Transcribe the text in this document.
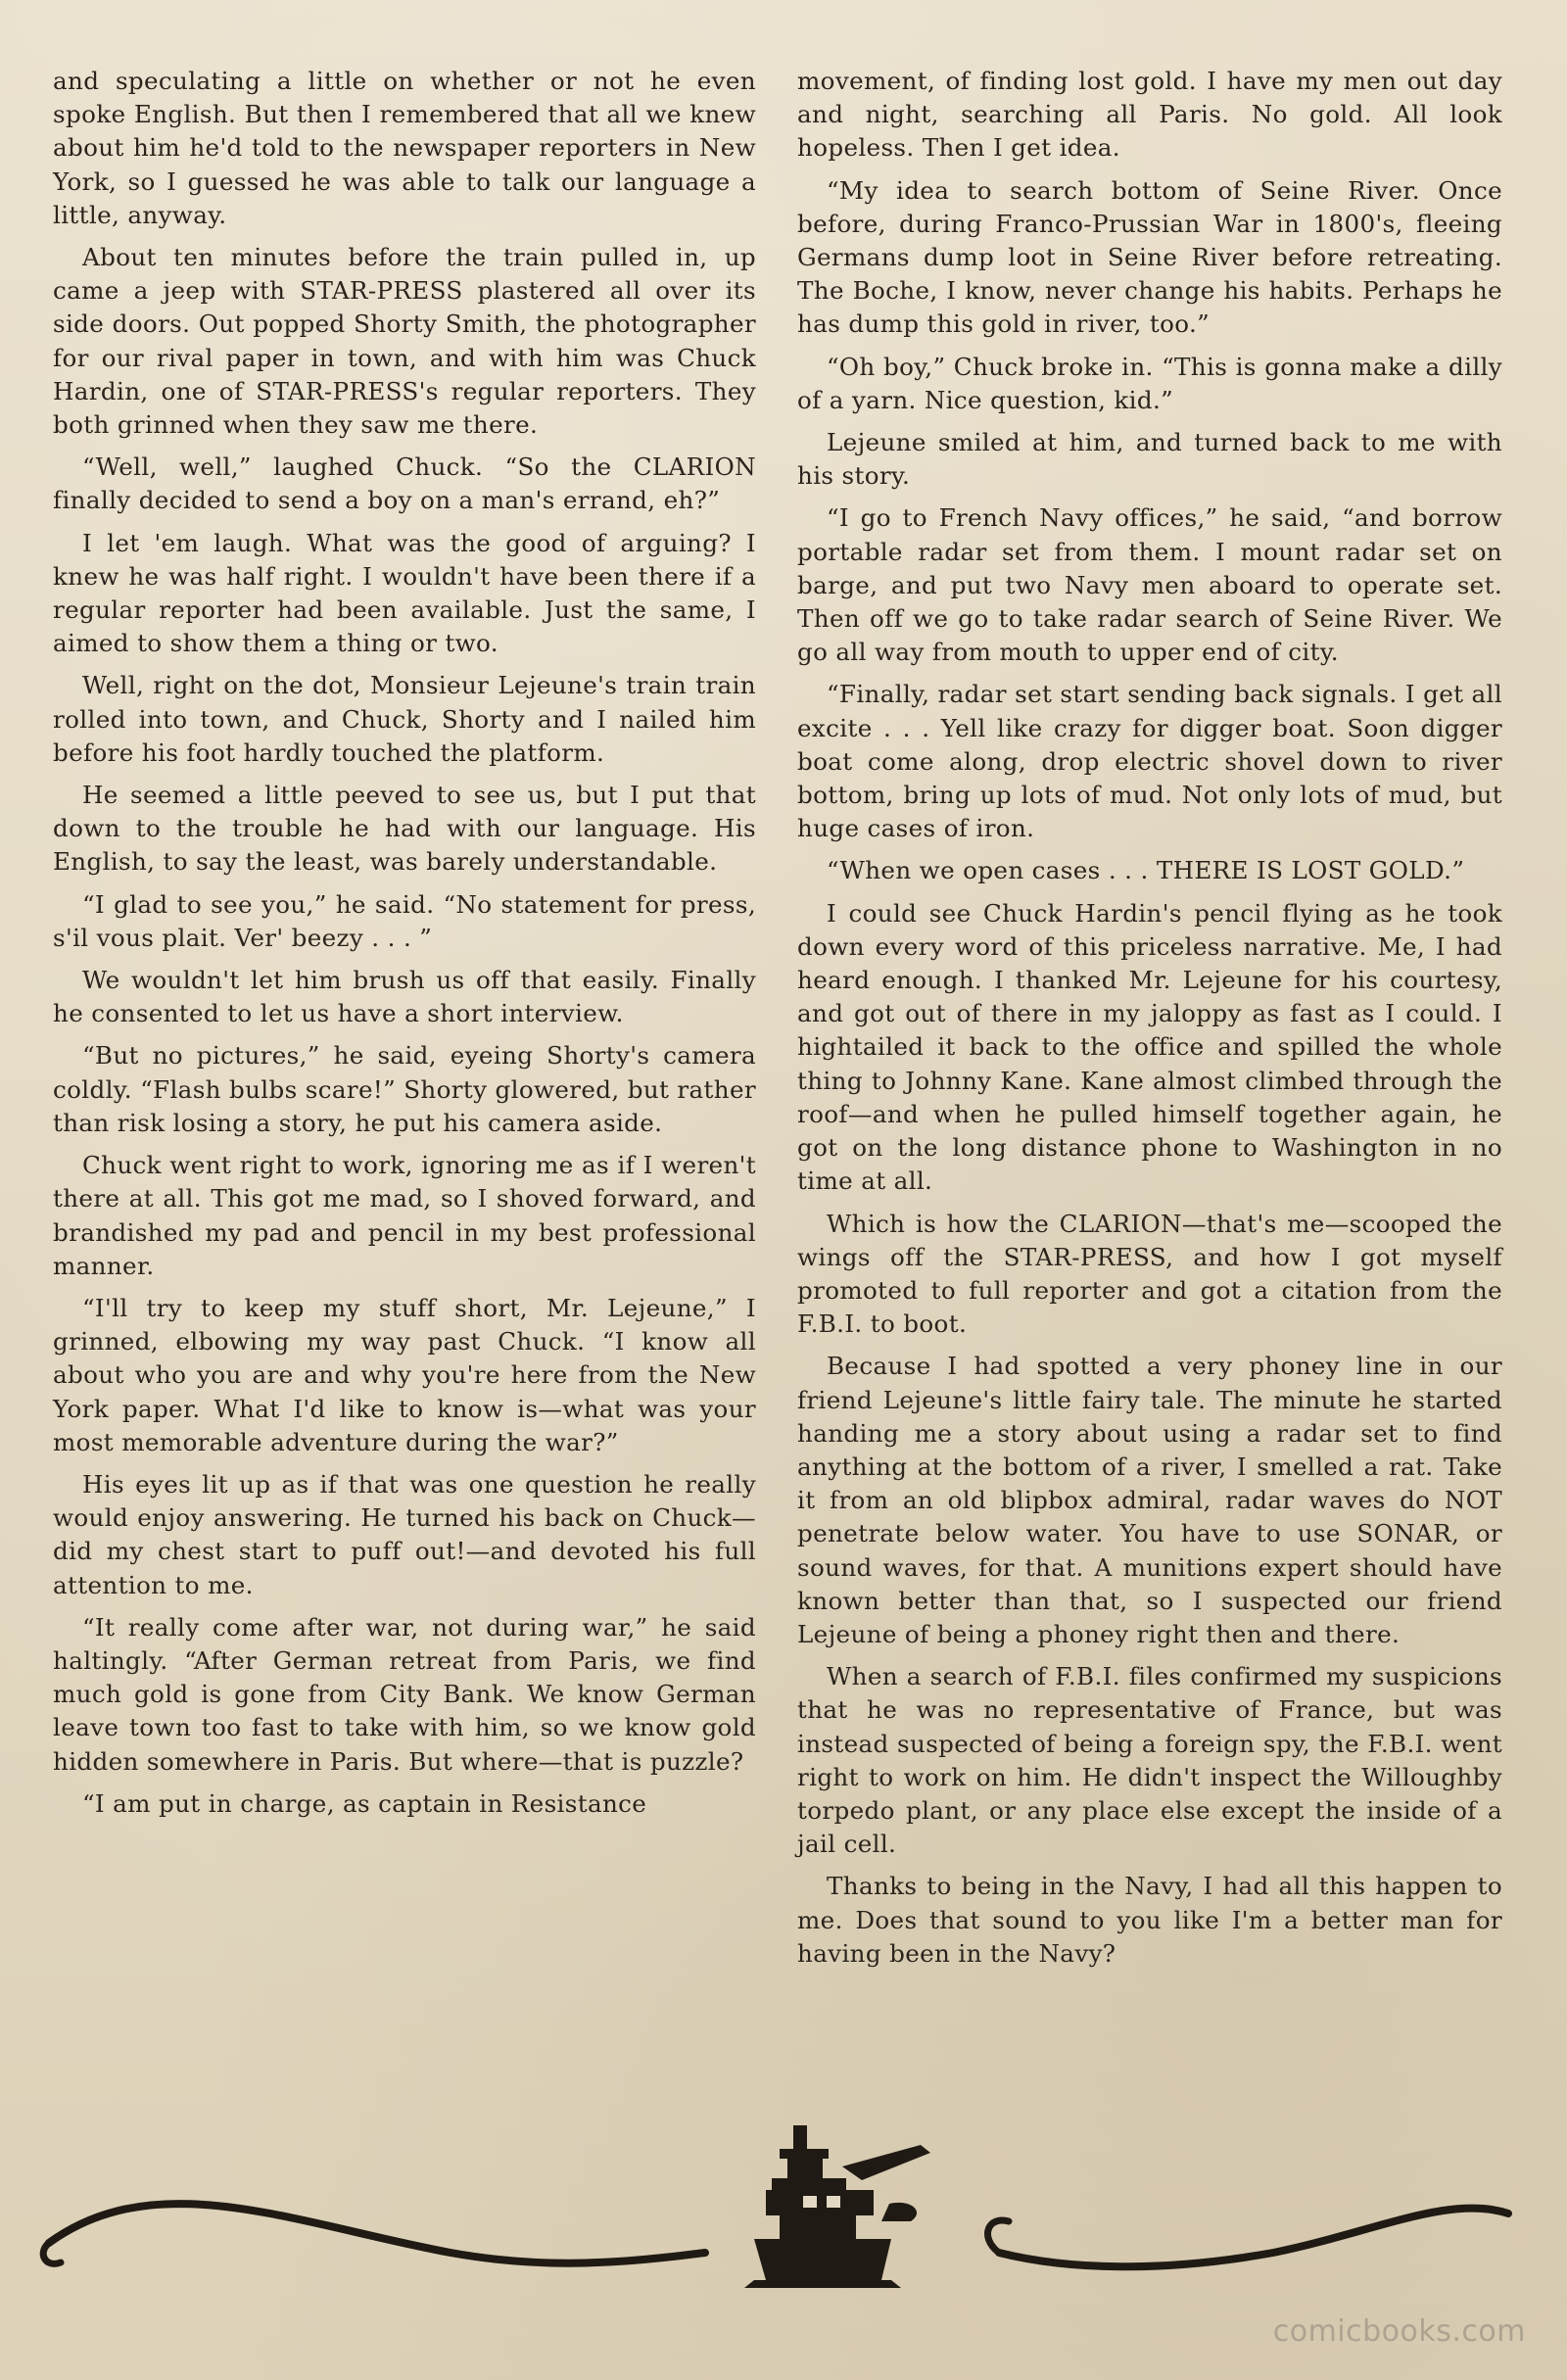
and speculating a little on whether or not he even spoke English. But then I remembered that all we knew about him he'd told to the newspaper reporters in New York, so I guessed he was able to talk our language a little, anyway.

About ten minutes before the train pulled in, up came a jeep with STAR-PRESS plastered all over its side doors. Out popped Shorty Smith, the photographer for our rival paper in town, and with him was Chuck Hardin, one of STAR-PRESS's regular reporters. They both grinned when they saw me there.

“Well, well,” laughed Chuck. “So the CLARION finally decided to send a boy on a man's errand, eh?”

I let 'em laugh. What was the good of arguing? I knew he was half right. I wouldn't have been there if a regular reporter had been available. Just the same, I aimed to show them a thing or two.

Well, right on the dot, Monsieur Lejeune's train train rolled into town, and Chuck, Shorty and I nailed him before his foot hardly touched the platform.

He seemed a little peeved to see us, but I put that down to the trouble he had with our language. His English, to say the least, was barely understandable.

“I glad to see you,” he said. “No statement for press, s'il vous plait. Ver' beezy . . . ”

We wouldn't let him brush us off that easily. Finally he consented to let us have a short interview.

“But no pictures,” he said, eyeing Shorty's camera coldly. “Flash bulbs scare!” Shorty glowered, but rather than risk losing a story, he put his camera aside.

Chuck went right to work, ignoring me as if I weren't there at all. This got me mad, so I shoved forward, and brandished my pad and pencil in my best professional manner.

“I'll try to keep my stuff short, Mr. Lejeune,” I grinned, elbowing my way past Chuck. “I know all about who you are and why you're here from the New York paper. What I'd like to know is—what was your most memorable adventure during the war?”

His eyes lit up as if that was one question he really would enjoy answering. He turned his back on Chuck—did my chest start to puff out!—and devoted his full attention to me.

“It really come after war, not during war,” he said haltingly. “After German retreat from Paris, we find much gold is gone from City Bank. We know German leave town too fast to take with him, so we know gold hidden somewhere in Paris. But where—that is puzzle?

“I am put in charge, as captain in Resistance

movement, of finding lost gold. I have my men out day and night, searching all Paris. No gold. All look hopeless. Then I get idea.

“My idea to search bottom of Seine River. Once before, during Franco-Prussian War in 1800's, fleeing Germans dump loot in Seine River before retreating. The Boche, I know, never change his habits. Perhaps he has dump this gold in river, too.”

“Oh boy,” Chuck broke in. “This is gonna make a dilly of a yarn. Nice question, kid.”

Lejeune smiled at him, and turned back to me with his story.

“I go to French Navy offices,” he said, “and borrow portable radar set from them. I mount radar set on barge, and put two Navy men aboard to operate set. Then off we go to take radar search of Seine River. We go all way from mouth to upper end of city.

“Finally, radar set start sending back signals. I get all excite . . . Yell like crazy for digger boat. Soon digger boat come along, drop electric shovel down to river bottom, bring up lots of mud. Not only lots of mud, but huge cases of iron.

“When we open cases . . . THERE IS LOST GOLD.”

I could see Chuck Hardin's pencil flying as he took down every word of this priceless narrative. Me, I had heard enough. I thanked Mr. Lejeune for his courtesy, and got out of there in my jaloppy as fast as I could. I hightailed it back to the office and spilled the whole thing to Johnny Kane. Kane almost climbed through the roof—and when he pulled himself together again, he got on the long distance phone to Washington in no time at all.

Which is how the CLARION—that's me—scooped the wings off the STAR-PRESS, and how I got myself promoted to full reporter and got a citation from the F.B.I. to boot.

Because I had spotted a very phoney line in our friend Lejeune's little fairy tale. The minute he started handing me a story about using a radar set to find anything at the bottom of a river, I smelled a rat. Take it from an old blipbox admiral, radar waves do NOT penetrate below water. You have to use SONAR, or sound waves, for that. A munitions expert should have known better than that, so I suspected our friend Lejeune of being a phoney right then and there.

When a search of F.B.I. files confirmed my suspicions that he was no representative of France, but was instead suspected of being a foreign spy, the F.B.I. went right to work on him. He didn't inspect the Willoughby torpedo plant, or any place else except the inside of a jail cell.

Thanks to being in the Navy, I had all this happen to me. Does that sound to you like I'm a better man for having been in the Navy?

comicbooks.com
